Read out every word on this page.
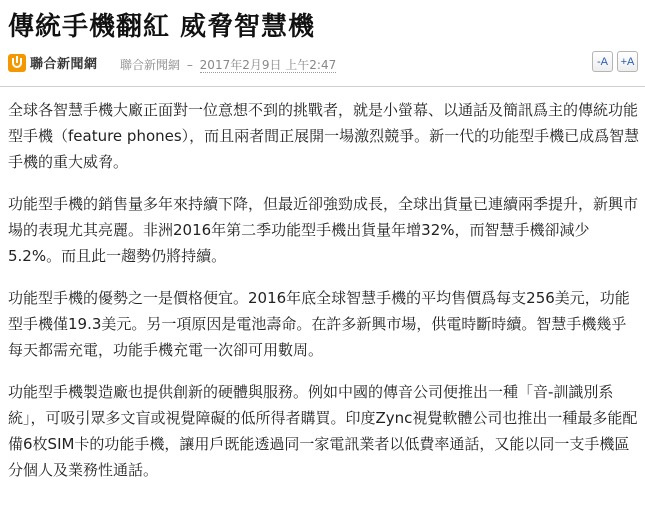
傳統手機翻紅 威脅智慧機
聯合新聞網 聯合新聞網 – 2017年2月9日 上午2:47	-A	+A

全球各智慧手機大廠正面對一位意想不到的挑戰者，就是小螢幕、以通話及簡訊爲主的傳統功能型手機（feature phones），而且兩者間正展開一場激烈競爭。新一代的功能型手機已成爲智慧手機的重大威脅。

功能型手機的銷售量多年來持續下降，但最近卻強勁成長，全球出貨量已連續兩季提升，新興市場的表現尤其亮麗。非洲2016年第二季功能型手機出貨量年增32%，而智慧手機卻減少5.2%。而且此一趨勢仍將持續。

功能型手機的優勢之一是價格便宜。2016年底全球智慧手機的平均售價爲每支256美元，功能型手機僅19.3美元。另一項原因是電池壽命。在許多新興市場，供電時斷時續。智慧手機幾乎每天都需充電，功能手機充電一次卻可用數周。

功能型手機製造廠也提供創新的硬體與服務。例如中國的傳音公司便推出一種「音-訓識別系統」，可吸引眾多文盲或視覺障礙的低所得者購買。印度Zync視覺軟體公司也推出一種最多能配備6枚SIM卡的功能手機，讓用戶既能透過同一家電訊業者以低費率通話，又能以同一支手機區分個人及業務性通話。
